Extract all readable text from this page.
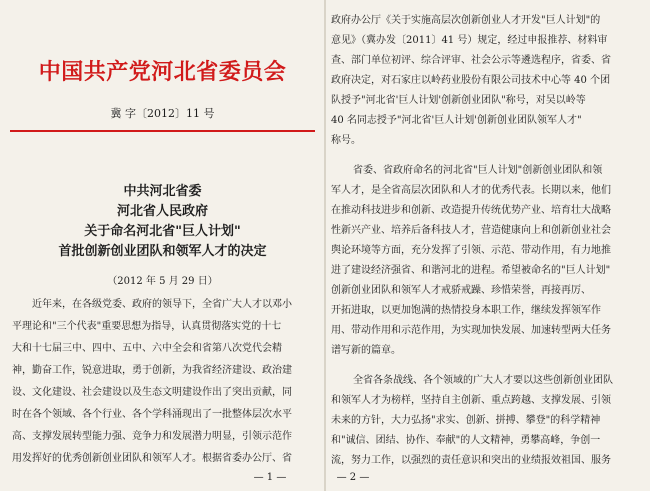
中国共产党河北省委员会
冀 字〔2012〕11 号
中共河北省委
河北省人民政府
关于命名河北省"巨人计划"
首批创新创业团队和领军人才的决定
（2012 年 5 月 29 日）
近年来，在各级党委、政府的领导下，全省广大人才以邓小
平理论和"三个代表"重要思想为指导，认真贯彻落实党的十七
大和十七届三中、四中、五中、六中全会和省第八次党代会精
神，勤奋工作，锐意进取，勇于创新，为我省经济建设、政治建
设、文化建设、社会建设以及生态文明建设作出了突出贡献，同
时在各个领域、各个行业、各个学科涌现出了一批整体层次水平
高、支撑发展转型能力强、竞争力和发展潜力明显，引领示范作
用发挥好的优秀创新创业团队和领军人才。根据省委办公厅、省
— 1 —
政府办公厅《关于实施高层次创新创业人才开发"巨人计划"的
意见》（冀办发〔2011〕41 号）规定，经过申报推荐、材料审
查、部门单位初评、综合评审、社会公示等遴选程序，省委、省
政府决定，对石家庄以岭药业股份有限公司技术中心等 40 个团
队授予"河北省'巨人计划'创新创业团队"称号，对吴以岭等
40 名同志授予"河北省'巨人计划'创新创业团队领军人才"
称号。
省委、省政府命名的河北省"巨人计划"创新创业团队和领
军人才，是全省高层次团队和人才的优秀代表。长期以来，他们
在推动科技进步和创新、改造提升传统优势产业、培育壮大战略
性新兴产业、培养后备科技人才，营造健康向上和创新创业社会
舆论环境等方面，充分发挥了引领、示范、带动作用，有力地推
进了建设经济强省、和谐河北的进程。希望被命名的"巨人计划"
创新创业团队和领军人才戒骄戒躁、珍惜荣誉，再接再厉、
开拓进取，以更加饱满的热情投身本职工作，继续发挥领军作
用、带动作用和示范作用，为实现加快发展、加速转型两大任务
谱写新的篇章。
全省各条战线、各个领域的广大人才要以这些创新创业团队
和领军人才为榜样，坚持自主创新、重点跨越、支撑发展、引领
未来的方针，大力弘扬"求实、创新、拼搏、攀登"的科学精神
和"诚信、团结、协作、奉献"的人文精神，勇攀高峰，争创一
流，努力工作，以强烈的责任意识和突出的业绩报效祖国、服务
— 2 —
